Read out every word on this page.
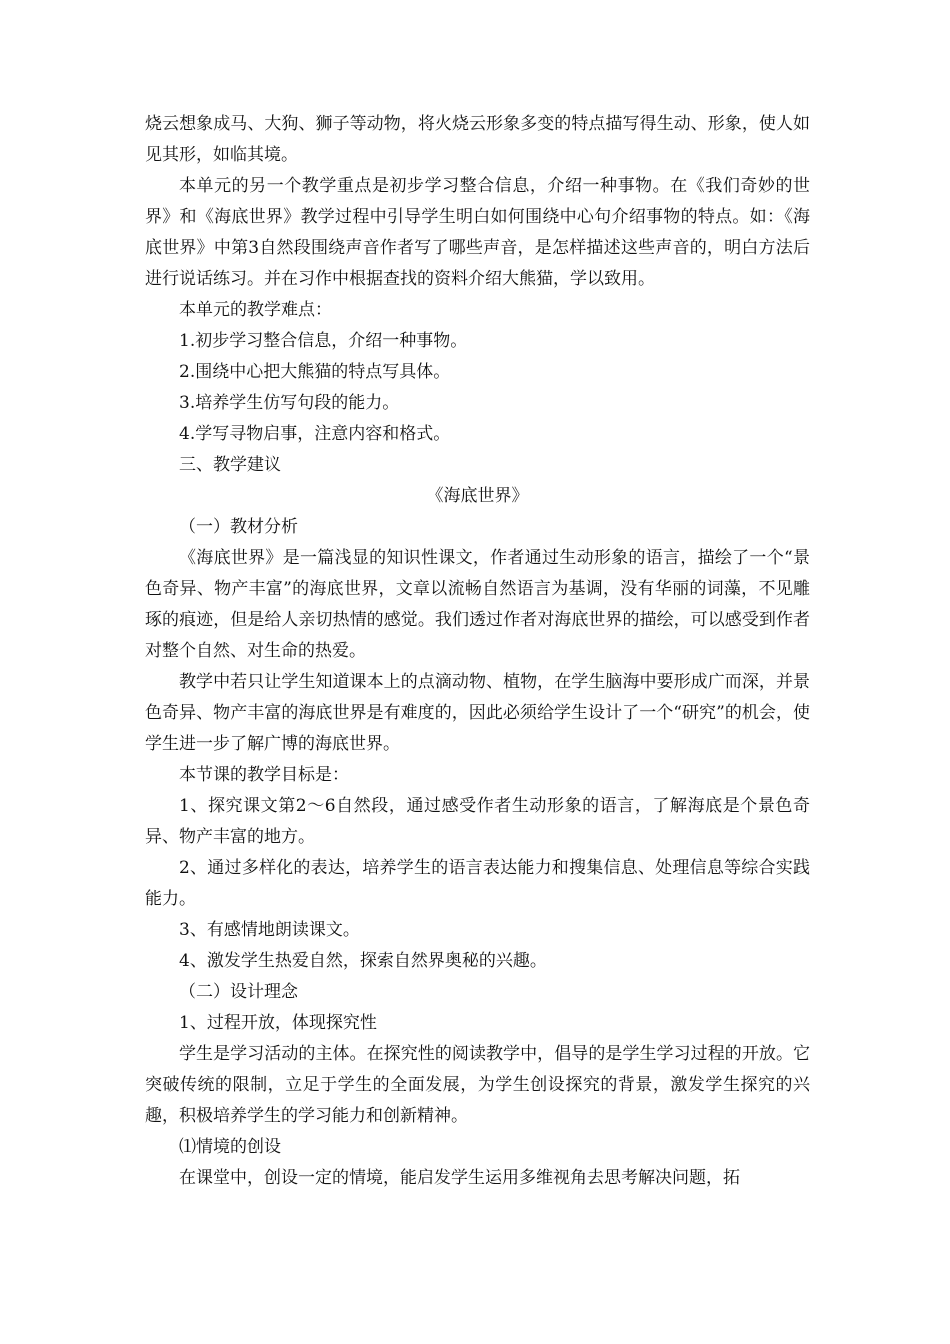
烧云想象成马、大狗、狮子等动物，将火烧云形象多变的特点描写得生动、形象，使人如见其形，如临其境。

本单元的另一个教学重点是初步学习整合信息，介绍一种事物。在《我们奇妙的世界》和《海底世界》教学过程中引导学生明白如何围绕中心句介绍事物的特点。如：《海底世界》中第3自然段围绕声音作者写了哪些声音，是怎样描述这些声音的，明白方法后进行说话练习。并在习作中根据查找的资料介绍大熊猫，学以致用。

本单元的教学难点：

1.初步学习整合信息，介绍一种事物。

2.围绕中心把大熊猫的特点写具体。

3.培养学生仿写句段的能力。

4.学写寻物启事，注意内容和格式。

三、教学建议

《海底世界》

（一）教材分析

《海底世界》是一篇浅显的知识性课文，作者通过生动形象的语言，描绘了一个“景色奇异、物产丰富”的海底世界，文章以流畅自然语言为基调，没有华丽的词藻，不见雕琢的痕迹，但是给人亲切热情的感觉。我们透过作者对海底世界的描绘，可以感受到作者对整个自然、对生命的热爱。

教学中若只让学生知道课本上的点滴动物、植物，在学生脑海中要形成广而深，并景色奇异、物产丰富的海底世界是有难度的，因此必须给学生设计了一个“研究”的机会，使学生进一步了解广博的海底世界。

本节课的教学目标是：

1、探究课文第2～6自然段，通过感受作者生动形象的语言，了解海底是个景色奇异、物产丰富的地方。

2、通过多样化的表达，培养学生的语言表达能力和搜集信息、处理信息等综合实践能力。

3、有感情地朗读课文。

4、激发学生热爱自然，探索自然界奥秘的兴趣。

（二）设计理念

1、过程开放，体现探究性

学生是学习活动的主体。在探究性的阅读教学中，倡导的是学生学习过程的开放。它突破传统的限制，立足于学生的全面发展，为学生创设探究的背景，激发学生探究的兴趣，积极培养学生的学习能力和创新精神。

⑴情境的创设

在课堂中，创设一定的情境，能启发学生运用多维视角去思考解决问题，拓
